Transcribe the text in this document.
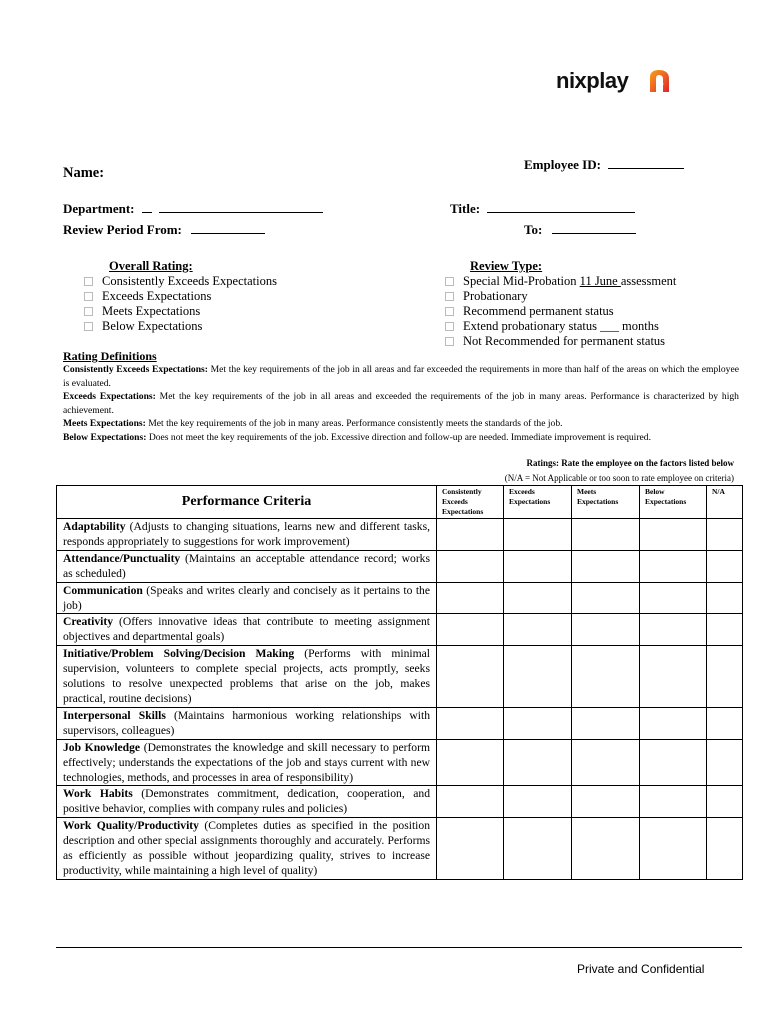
nixplay
Employee ID:
Name:
Department:	Title:
Review Period From:	To:
Overall Rating:
Consistently Exceeds Expectations
Exceeds Expectations
Meets Expectations
Below Expectations
Review Type:
Special Mid-Probation 11 June assessment
Probationary
Recommend permanent status
Extend probationary status ___ months
Not Recommended for permanent status
Rating Definitions
Consistently Exceeds Expectations: Met the key requirements of the job in all areas and far exceeded the requirements in more than half of the areas on which the employee is evaluated.
Exceeds Expectations: Met the key requirements of the job in all areas and exceeded the requirements of the job in many areas. Performance is characterized by high achievement.
Meets Expectations: Met the key requirements of the job in many areas. Performance consistently meets the standards of the job.
Below Expectations: Does not meet the key requirements of the job. Excessive direction and follow-up are needed. Immediate improvement is required.
Ratings: Rate the employee on the factors listed below
(N/A = Not Applicable or too soon to rate employee on criteria)
Performance Criteria	Consistently Exceeds Expectations	Exceeds Expectations	Meets Expectations	Below Expectations	N/A
Adaptability (Adjusts to changing situations, learns new and different tasks, responds appropriately to suggestions for work improvement)					
Attendance/Punctuality (Maintains an acceptable attendance record; works as scheduled)					
Communication (Speaks and writes clearly and concisely as it pertains to the job)					
Creativity (Offers innovative ideas that contribute to meeting assignment objectives and departmental goals)					
Initiative/Problem Solving/Decision Making (Performs with minimal supervision, volunteers to complete special projects, acts promptly, seeks solutions to resolve unexpected problems that arise on the job, makes practical, routine decisions)					
Interpersonal Skills (Maintains harmonious working relationships with supervisors, colleagues)					
Job Knowledge (Demonstrates the knowledge and skill necessary to perform effectively; understands the expectations of the job and stays current with new technologies, methods, and processes in area of responsibility)					
Work Habits (Demonstrates commitment, dedication, cooperation, and positive behavior, complies with company rules and policies)					
Work Quality/Productivity (Completes duties as specified in the position description and other special assignments thoroughly and accurately. Performs as efficiently as possible without jeopardizing quality, strives to increase productivity, while maintaining a high level of quality)					
Private and Confidential
